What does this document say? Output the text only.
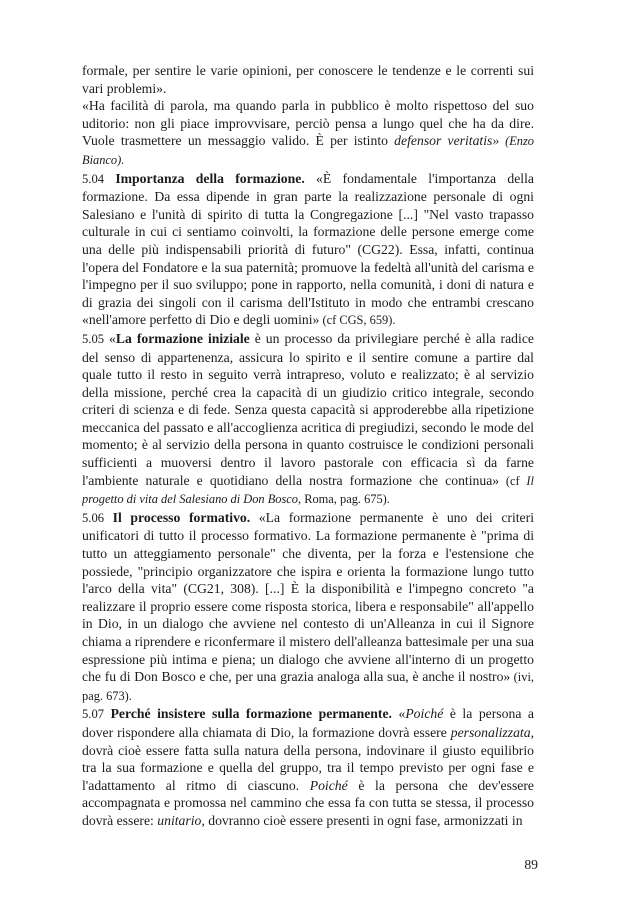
formale, per sentire le varie opinioni, per conoscere le tendenze e le correnti sui vari problemi».
«Ha facilità di parola, ma quando parla in pubblico è molto rispettoso del suo uditorio: non gli piace improvvisare, perciò pensa a lungo quel che ha da dire. Vuole trasmettere un messaggio valido. È per istinto defensor veritatis» (Enzo Bianco).

5.04 Importanza della formazione. «È fondamentale l'importanza della formazione. Da essa dipende in gran parte la realizzazione personale di ogni Salesiano e l'unità di spirito di tutta la Congregazione [...] "Nel vasto trapasso culturale in cui ci sentiamo coinvolti, la formazione delle persone emerge come una delle più indispensabili priorità di futuro" (CG22). Essa, infatti, continua l'opera del Fondatore e la sua paternità; promuove la fedeltà all'unità del carisma e l'impegno per il suo sviluppo; pone in rapporto, nella comunità, i doni di natura e di grazia dei singoli con il carisma dell'Istituto in modo che entrambi crescano «nell'amore perfetto di Dio e degli uomini» (cf CGS, 659).

5.05 «La formazione iniziale è un processo da privilegiare perché è alla radice del senso di appartenenza, assicura lo spirito e il sentire comune a partire dal quale tutto il resto in seguito verrà intrapreso, voluto e realizzato; è al servizio della missione, perché crea la capacità di un giudizio critico integrale, secondo criteri di scienza e di fede. Senza questa capacità si approderebbe alla ripetizione meccanica del passato e all'accoglienza acritica di pregiudizi, secondo le mode del momento; è al servizio della persona in quanto costruisce le condizioni personali sufficienti a muoversi dentro il lavoro pastorale con efficacia sì da farne l'ambiente naturale e quotidiano della nostra formazione che continua» (cf Il progetto di vita del Salesiano di Don Bosco, Roma, pag. 675).

5.06 Il processo formativo. «La formazione permanente è uno dei criteri unificatori di tutto il processo formativo. La formazione permanente è "prima di tutto un atteggiamento personale" che diventa, per la forza e l'estensione che possiede, "principio organizzatore che ispira e orienta la formazione lungo tutto l'arco della vita" (CG21, 308). [...] È la disponibilità e l'impegno concreto "a realizzare il proprio essere come risposta storica, libera e responsabile" all'appello in Dio, in un dialogo che avviene nel contesto di un'Alleanza in cui il Signore chiama a riprendere e riconfermare il mistero dell'alleanza battesimale per una sua espressione più intima e piena; un dialogo che avviene all'interno di un progetto che fu di Don Bosco e che, per una grazia analoga alla sua, è anche il nostro» (ivi, pag. 673).

5.07 Perché insistere sulla formazione permanente. «Poiché è la persona a dover rispondere alla chiamata di Dio, la formazione dovrà essere personalizzata, dovrà cioè essere fatta sulla natura della persona, indovinare il giusto equilibrio tra la sua formazione e quella del gruppo, tra il tempo previsto per ogni fase e l'adattamento al ritmo di ciascuno. Poiché è la persona che dev'essere accompagnata e promossa nel cammino che essa fa con tutta se stessa, il processo dovrà essere: unitario, dovranno cioè essere presenti in ogni fase, armonizzati in

89
